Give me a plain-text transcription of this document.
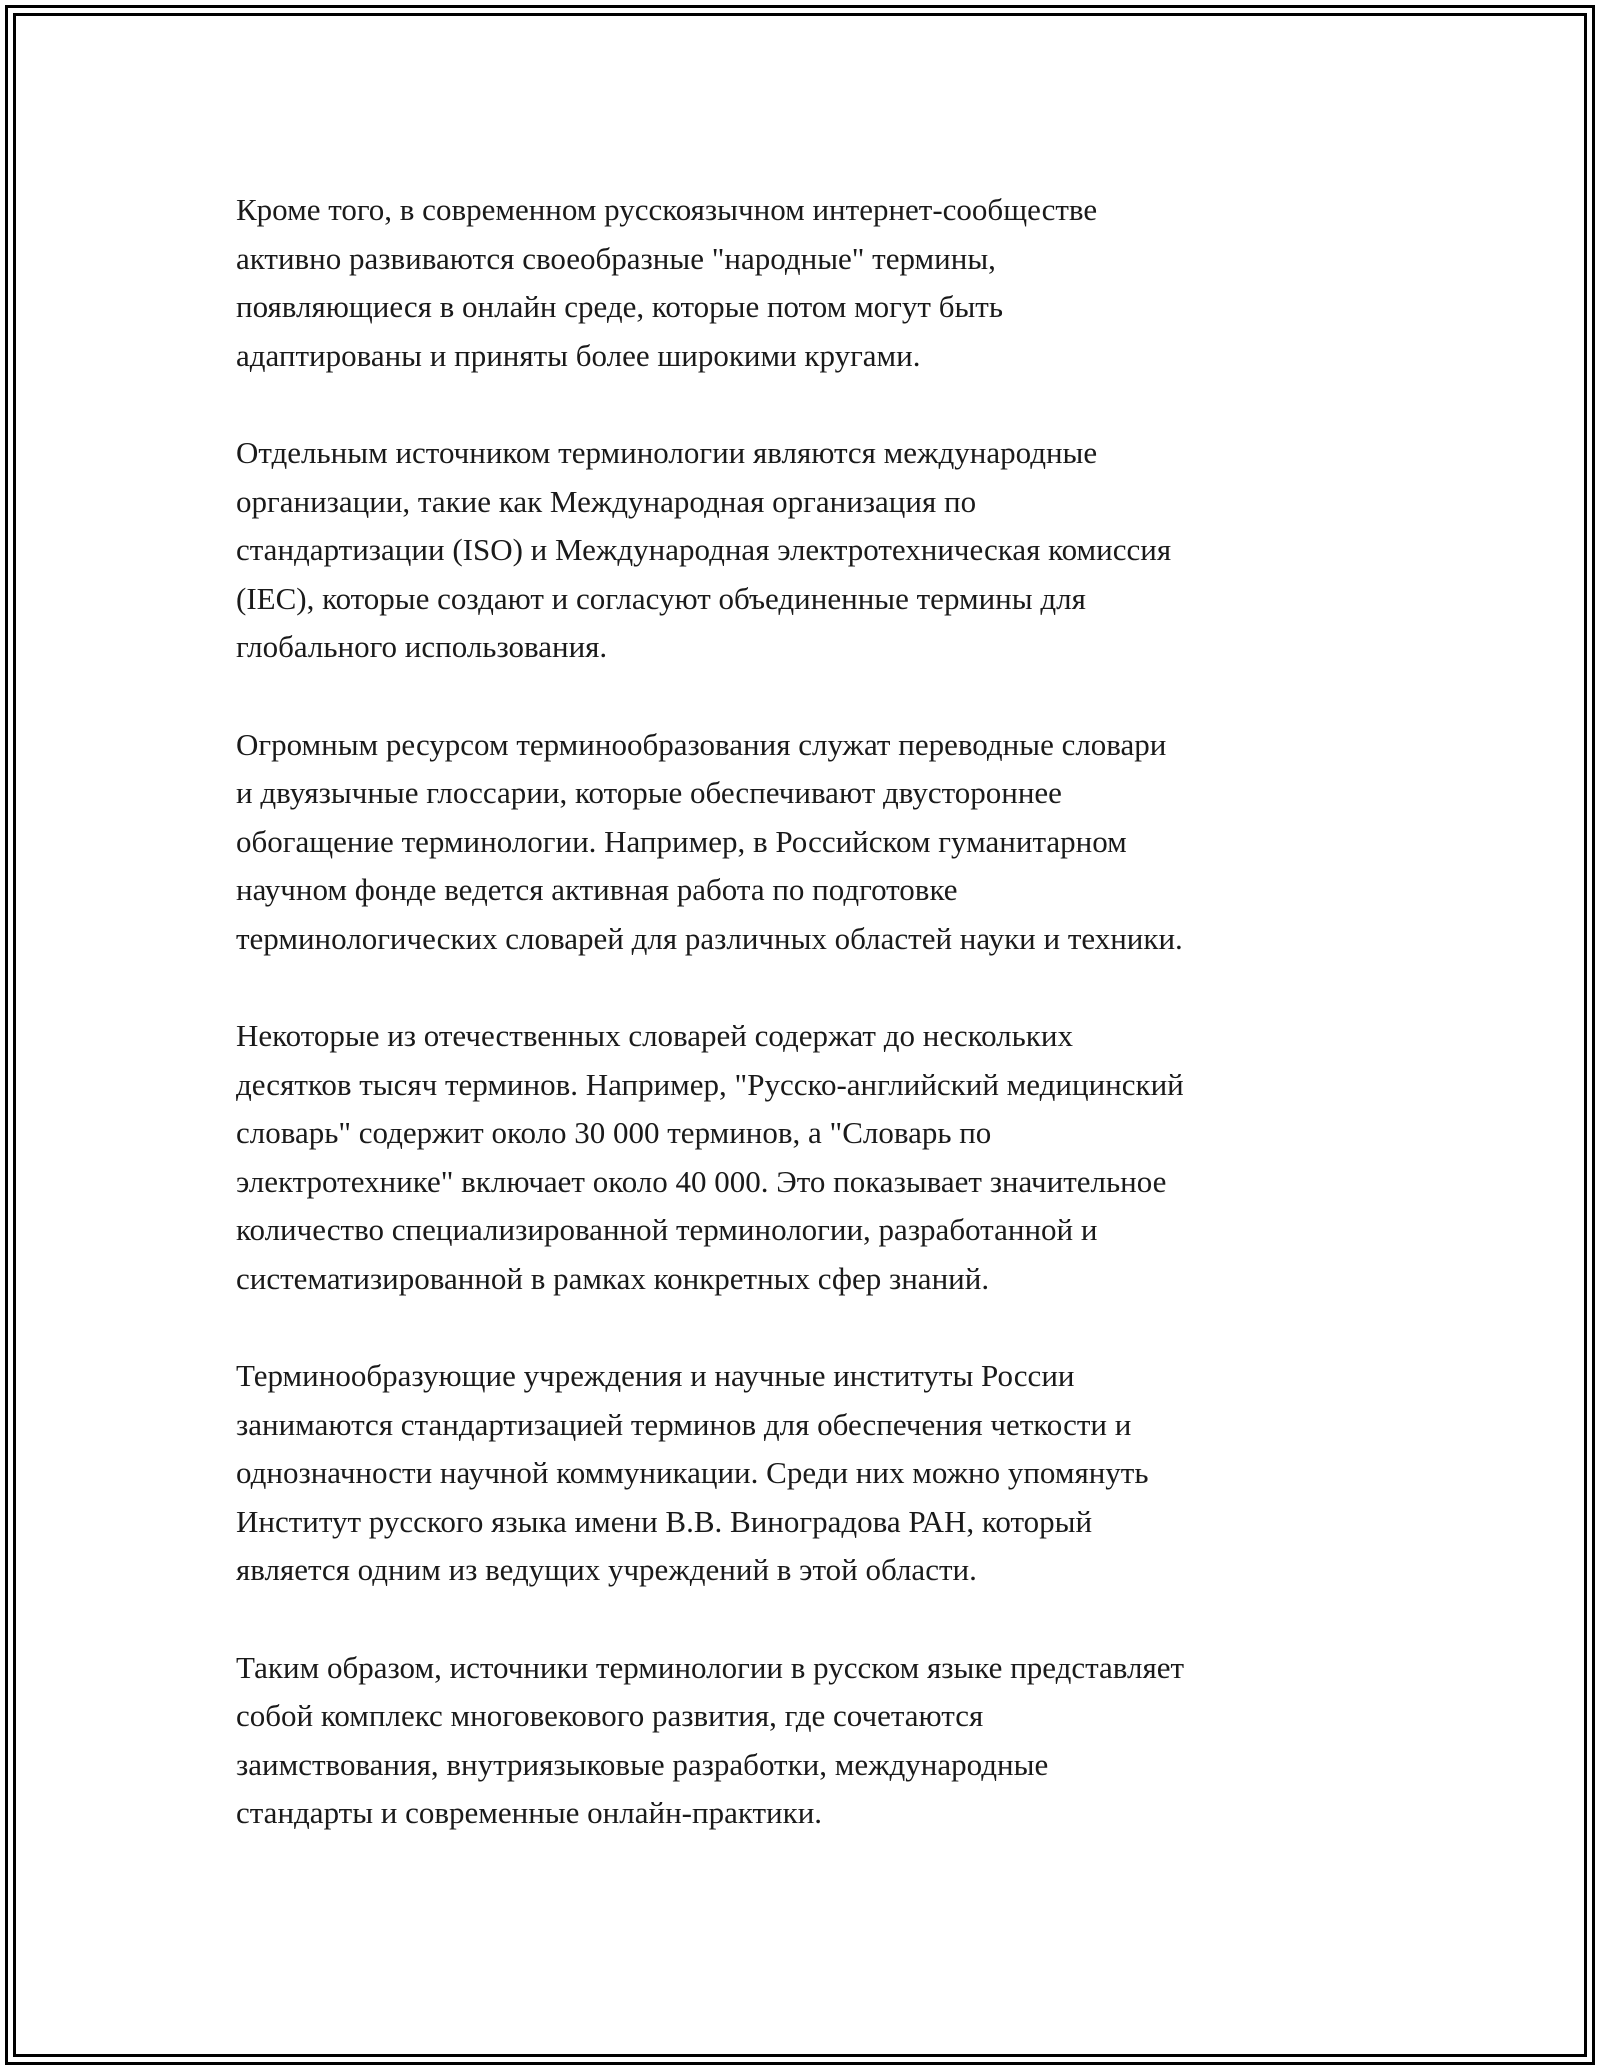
Кроме того, в современном русскоязычном интернет-сообществе
активно развиваются своеобразные "народные" термины,
появляющиеся в онлайн среде, которые потом могут быть
адаптированы и приняты более широкими кругами.

Отдельным источником терминологии являются международные
организации, такие как Международная организация по
стандартизации (ISO) и Международная электротехническая комиссия
(IEC), которые создают и согласуют объединенные термины для
глобального использования.

Огромным ресурсом терминообразования служат переводные словари
и двуязычные глоссарии, которые обеспечивают двустороннее
обогащение терминологии. Например, в Российском гуманитарном
научном фонде ведется активная работа по подготовке
терминологических словарей для различных областей науки и техники.

Некоторые из отечественных словарей содержат до нескольких
десятков тысяч терминов. Например, "Русско-английский медицинский
словарь" содержит около 30 000 терминов, а "Словарь по
электротехнике" включает около 40 000. Это показывает значительное
количество специализированной терминологии, разработанной и
систематизированной в рамках конкретных сфер знаний.

Терминообразующие учреждения и научные институты России
занимаются стандартизацией терминов для обеспечения четкости и
однозначности научной коммуникации. Среди них можно упомянуть
Институт русского языка имени В.В. Виноградова РАН, который
является одним из ведущих учреждений в этой области.

Таким образом, источники терминологии в русском языке представляет
собой комплекс многовекового развития, где сочетаются
заимствования, внутриязыковые разработки, международные
стандарты и современные онлайн-практики.
